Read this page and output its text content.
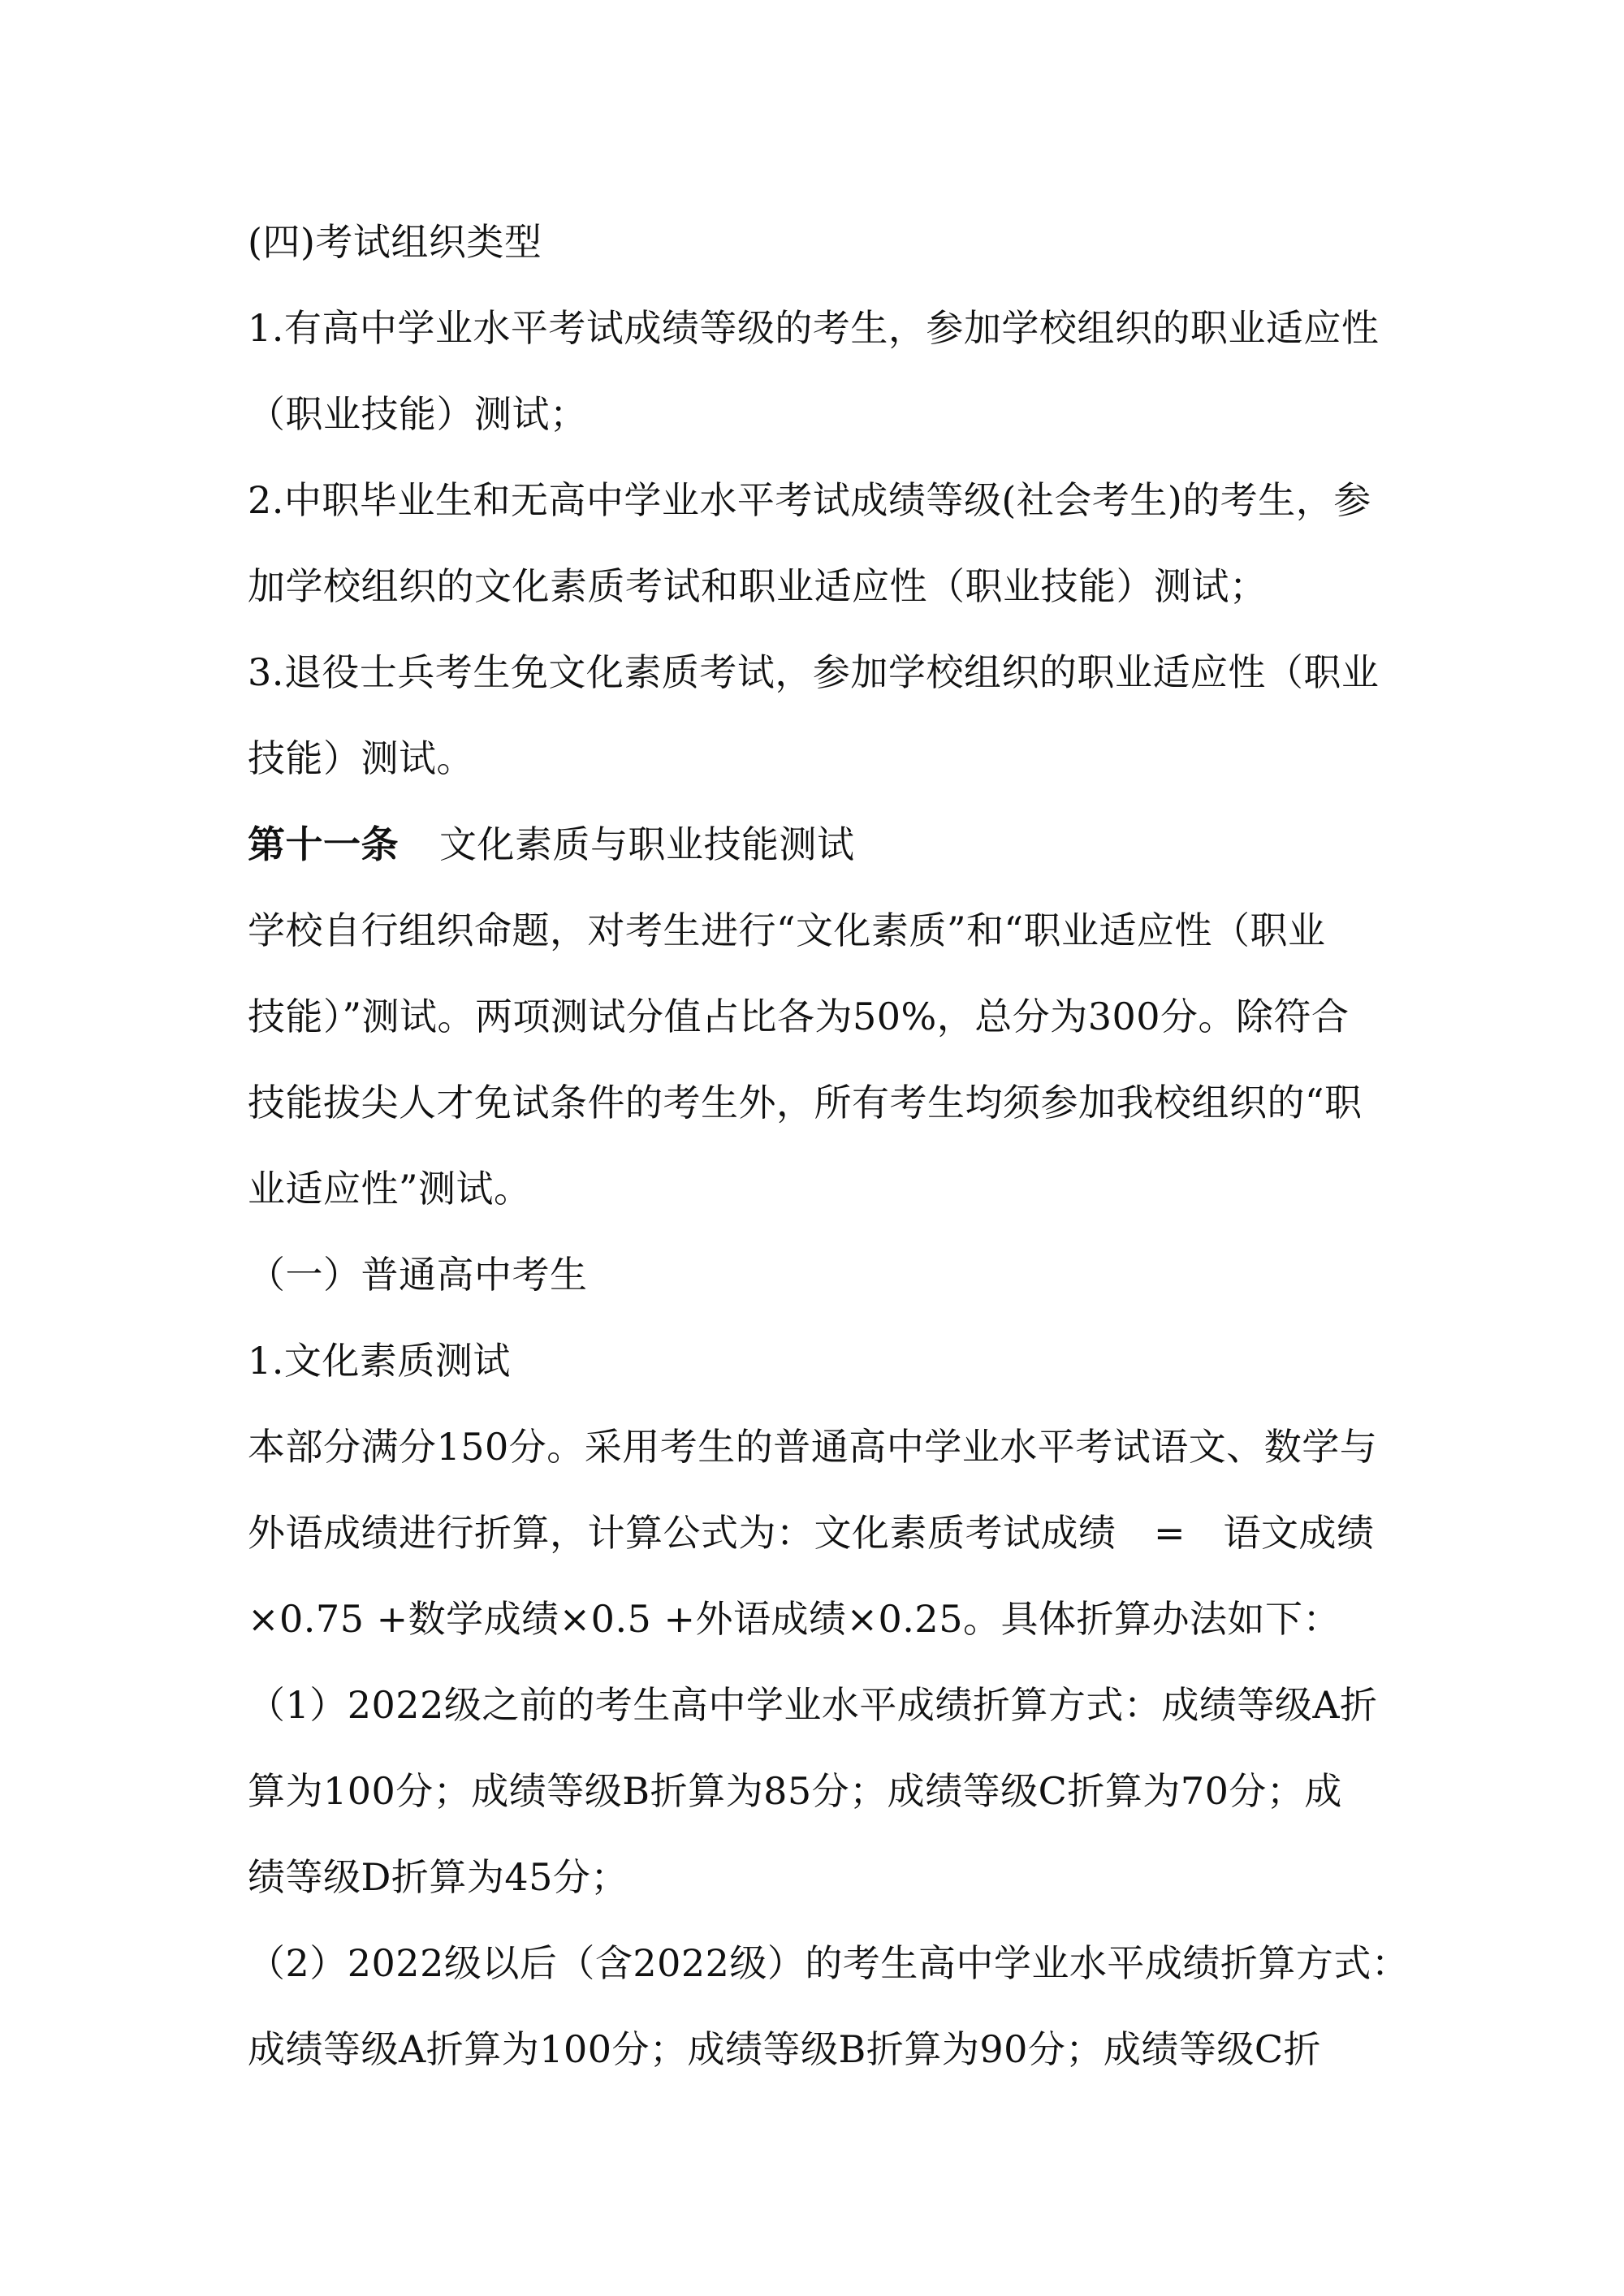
(四)考试组织类型
1.有高中学业水平考试成绩等级的考生，参加学校组织的职业适应性
（职业技能）测试；
2.中职毕业生和无高中学业水平考试成绩等级(社会考生)的考生，参
加学校组织的文化素质考试和职业适应性（职业技能）测试；
3.退役士兵考生免文化素质考试，参加学校组织的职业适应性（职业
技能）测试。
第十一条 文化素质与职业技能测试
学校自行组织命题，对考生进行“文化素质”和“职业适应性（职业
技能）”测试。两项测试分值占比各为50%，总分为300分。除符合
技能拔尖人才免试条件的考生外，所有考生均须参加我校组织的“职
业适应性”测试。
（一）普通高中考生
1.文化素质测试
本部分满分150分。采用考生的普通高中学业水平考试语文、数学与
外语成绩进行折算，计算公式为：文化素质考试成绩　=　语文成绩
×0.75 +数学成绩×0.5 +外语成绩×0.25。具体折算办法如下：
（1）2022级之前的考生高中学业水平成绩折算方式：成绩等级A折
算为100分；成绩等级B折算为85分；成绩等级C折算为70分；成
绩等级D折算为45分；
（2）2022级以后（含2022级）的考生高中学业水平成绩折算方式：
成绩等级A折算为100分；成绩等级B折算为90分；成绩等级C折
